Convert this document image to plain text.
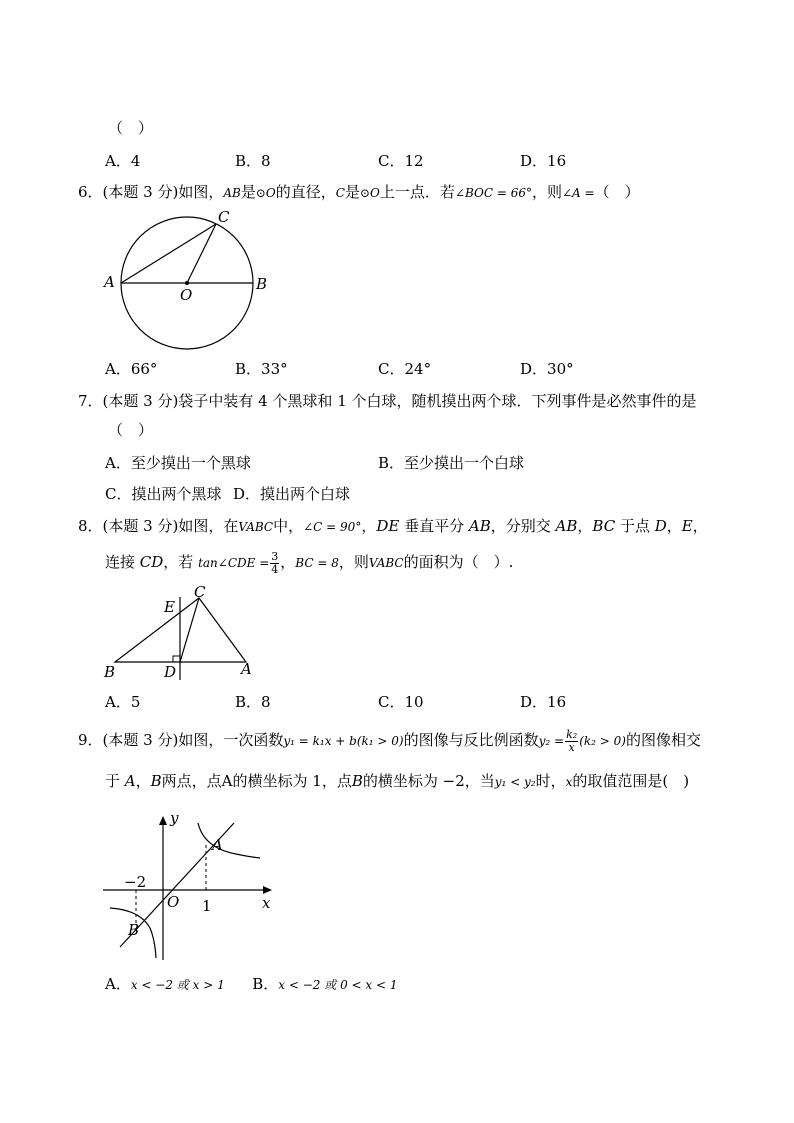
（　）
A．4	B．8	C．12	D．16
6．(本题 3 分)如图，AB是⊙O的直径，C是⊙O上一点．若∠BOC = 66°，则∠A =（　）
A	B
C
O
A．66°	B．33°	C．24°	D．30°
7．(本题 3 分)袋子中装有 4 个黑球和 1 个白球，随机摸出两个球．下列事件是必然事件的是
（　）
A．至少摸出一个黑球	B．至少摸出一个白球
C．摸出两个黑球 D．摸出两个白球
8．(本题 3 分)如图，在VABC中，∠C = 90°，DE 垂直平分 AB，分别交 AB，BC 于点 D，E，
连接 CD，若 tan∠CDE = $\frac{3}{4}$ ，BC = 8，则VABC的面积为（　）.
B
C
A
D
E
A．5	B．8	C．10	D．16
9．(本题 3 分)如图，一次函数y₁ = k₁x + b(k₁ > 0)的图像与反比例函数$y_2 = \frac{\text{k₂}}{x} (k_2 > 0)$的图像相交
于 A，B两点，点A的横坐标为 1，点B的横坐标为 −2，当y₁ < y₂时，x的取值范围是(　)
y
x
A
B
O
−2
1
A．x < −2 或 x > 1 B．x < −2 或 0 < x < 1
